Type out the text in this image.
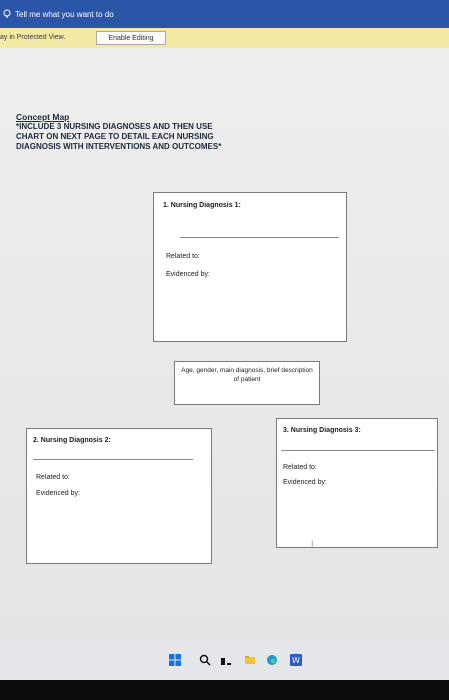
Tell me what you want to do
ay in Protected View.	Enable Editing
Concept Map
*INCLUDE 3 NURSING DIAGNOSES AND THEN USE CHART ON NEXT PAGE TO DETAIL EACH NURSING DIAGNOSIS WITH INTERVENTIONS AND OUTCOMES*
1. Nursing Diagnosis 1:
Related to:
Evidenced by:
Age, gender, main diagnosis, brief description of patient
2. Nursing Diagnosis 2:
Related to:
Evidenced by:
3. Nursing Diagnosis 3:
Related to:
Evidenced by:
I
W
